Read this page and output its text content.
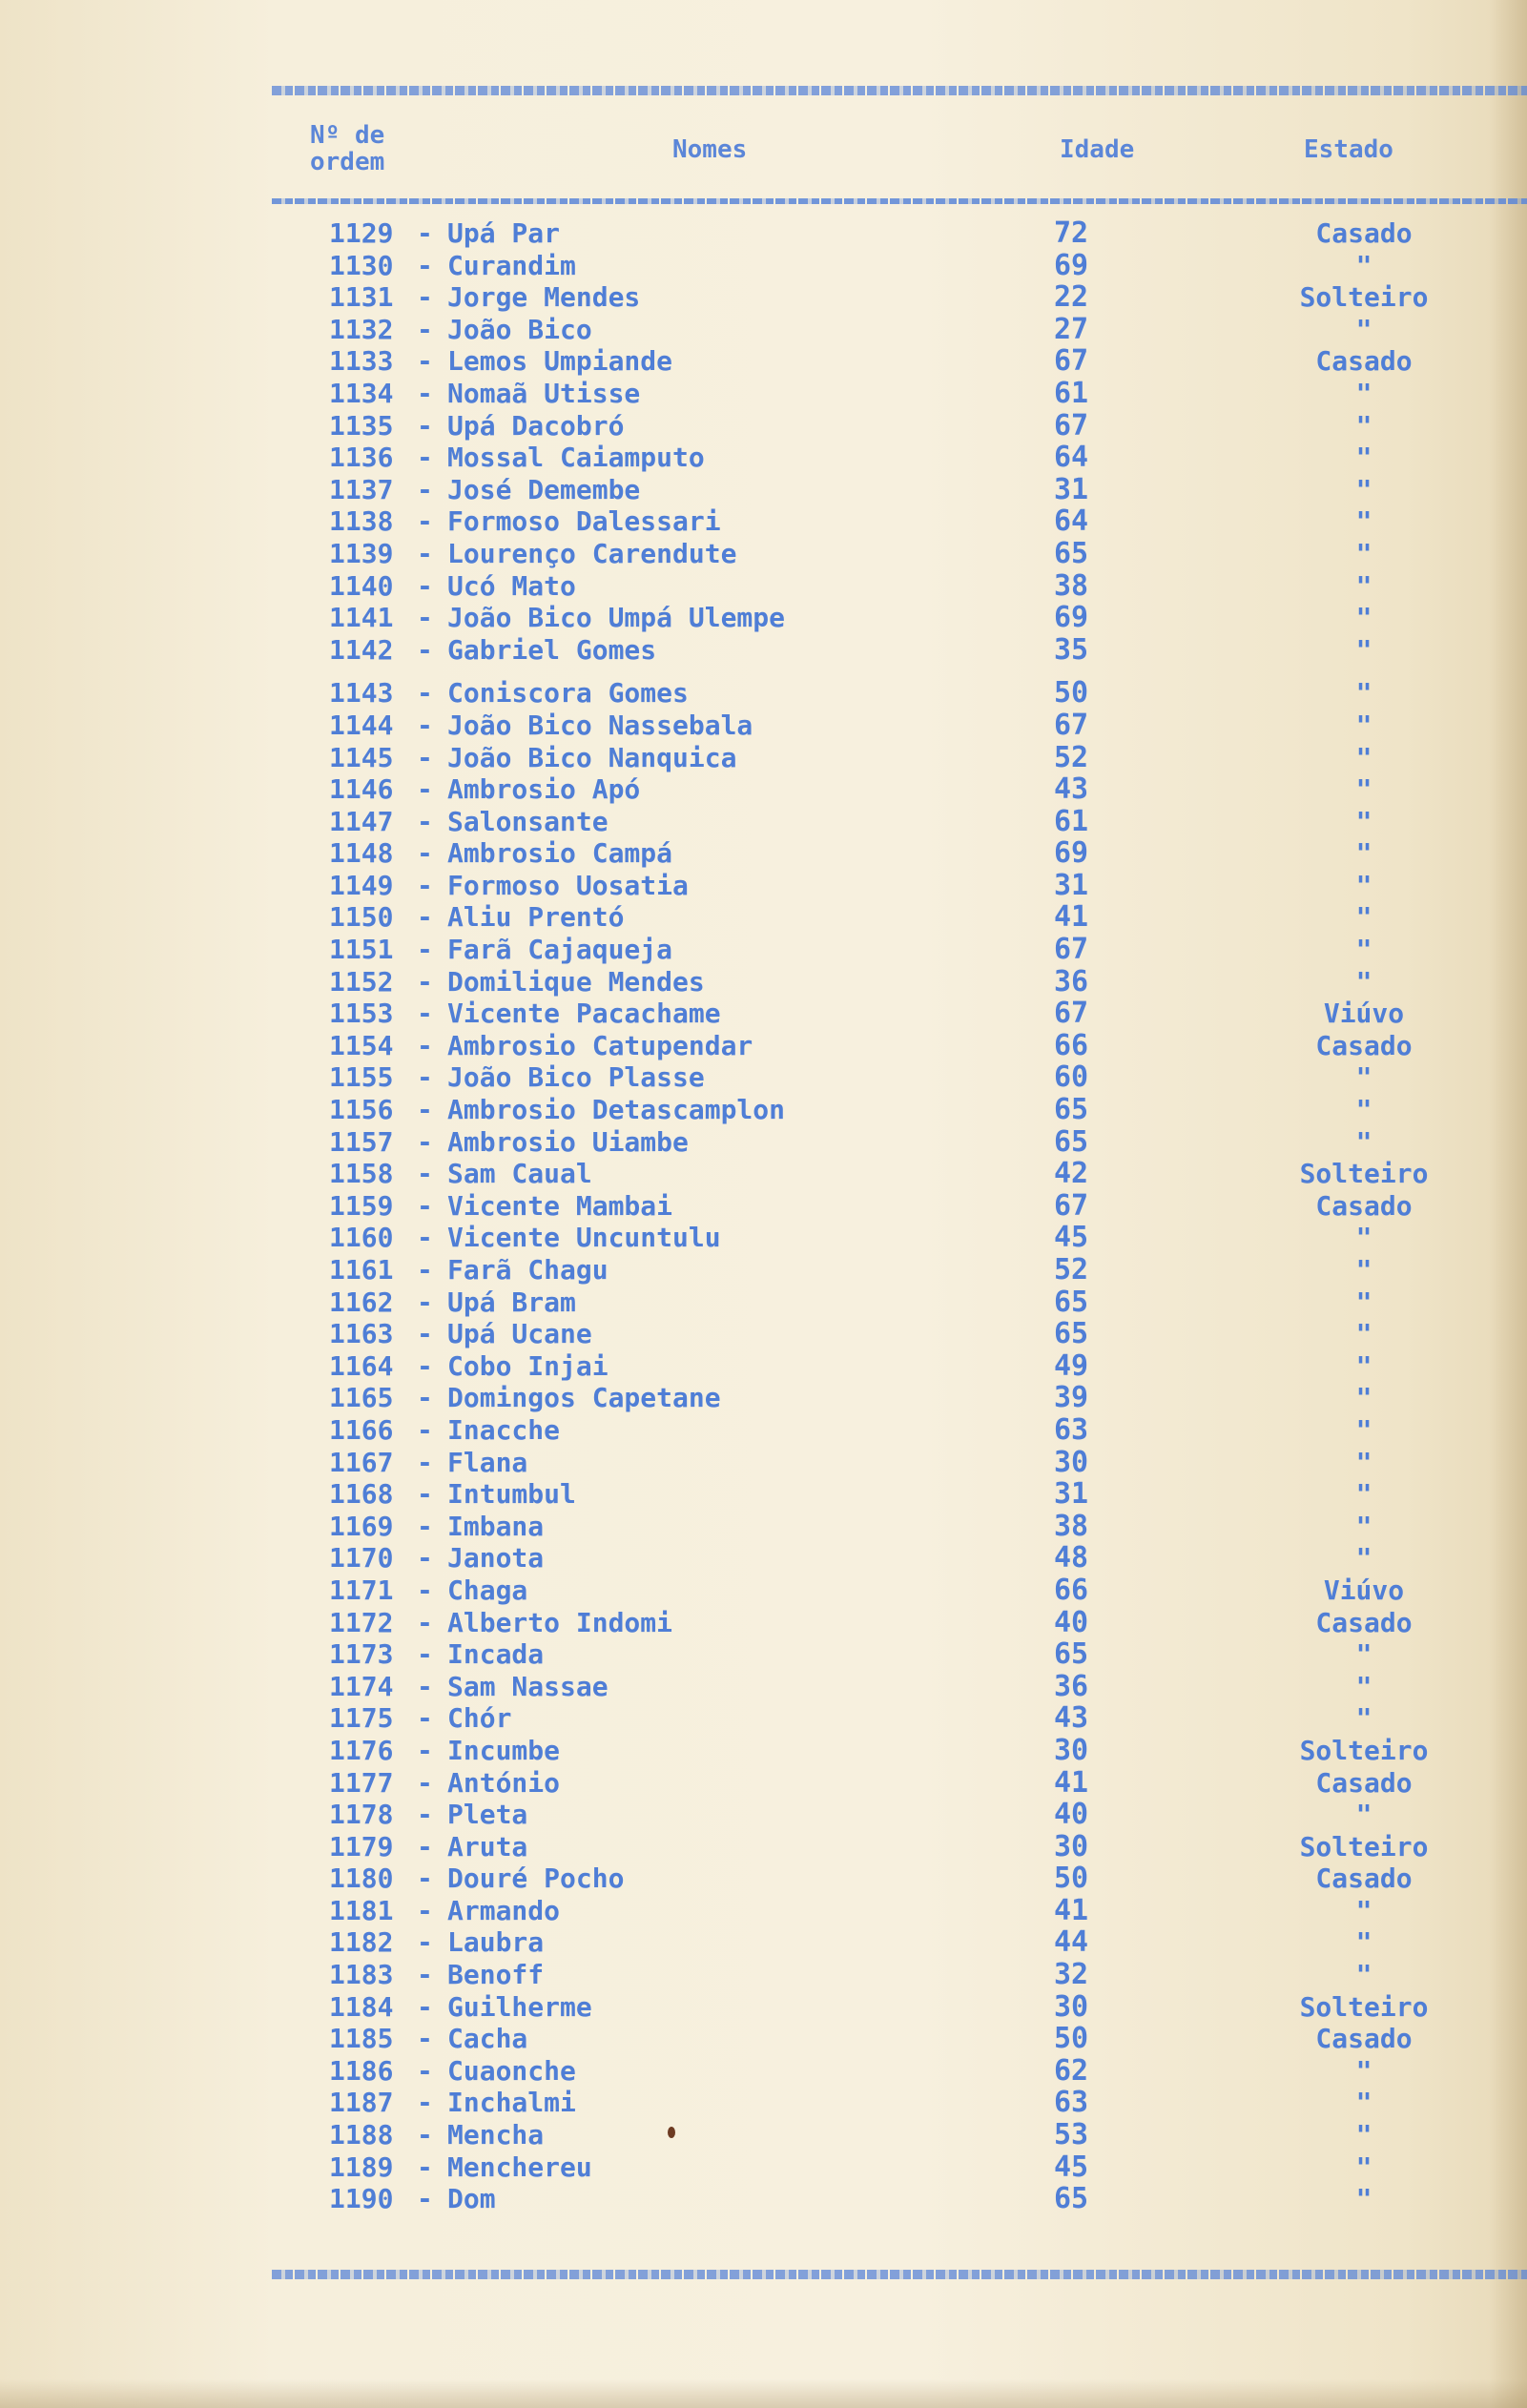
Nº de
ordem	Nomes	Idade	Estado
1129 - Upá Par	72	Casado
1130 - Curandim	69	"
1131 - Jorge Mendes	22	Solteiro
1132 - João Bico	27	"
1133 - Lemos Umpiande	67	Casado
1134 - Nomaã Utisse	61	"
1135 - Upá Dacobró	67	"
1136 - Mossal Caiamputo	64	"
1137 - José Demembe	31	"
1138 - Formoso Dalessari	64	"
1139 - Lourenço Carendute	65	"
1140 - Ucó Mato	38	"
1141 - João Bico Umpá Ulempe	69	"
1142 - Gabriel Gomes	35	"
1143 - Coniscora Gomes	50	"
1144 - João Bico Nassebala	67	"
1145 - João Bico Nanquica	52	"
1146 - Ambrosio Apó	43	"
1147 - Salonsante	61	"
1148 - Ambrosio Campá	69	"
1149 - Formoso Uosatia	31	"
1150 - Aliu Prentó	41	"
1151 - Farã Cajaqueja	67	"
1152 - Domilique Mendes	36	"
1153 - Vicente Pacachame	67	Viúvo
1154 - Ambrosio Catupendar	66	Casado
1155 - João Bico Plasse	60	"
1156 - Ambrosio Detascamplon	65	"
1157 - Ambrosio Uiambe	65	"
1158 - Sam Caual	42	Solteiro
1159 - Vicente Mambai	67	Casado
1160 - Vicente Uncuntulu	45	"
1161 - Farã Chagu	52	"
1162 - Upá Bram	65	"
1163 - Upá Ucane	65	"
1164 - Cobo Injai	49	"
1165 - Domingos Capetane	39	"
1166 - Inacche	63	"
1167 - Flana	30	"
1168 - Intumbul	31	"
1169 - Imbana	38	"
1170 - Janota	48	"
1171 - Chaga	66	Viúvo
1172 - Alberto Indomi	40	Casado
1173 - Incada	65	"
1174 - Sam Nassae	36	"
1175 - Chór	43	"
1176 - Incumbe	30	Solteiro
1177 - António	41	Casado
1178 - Pleta	40	"
1179 - Aruta	30	Solteiro
1180 - Douré Pocho	50	Casado
1181 - Armando	41	"
1182 - Laubra	44	"
1183 - Benoff	32	"
1184 - Guilherme	30	Solteiro
1185 - Cacha	50	Casado
1186 - Cuaonche	62	"
1187 - Inchalmi	63	"
1188 - Mencha	53	"
1189 - Menchereu	45	"
1190 - Dom	65	"
